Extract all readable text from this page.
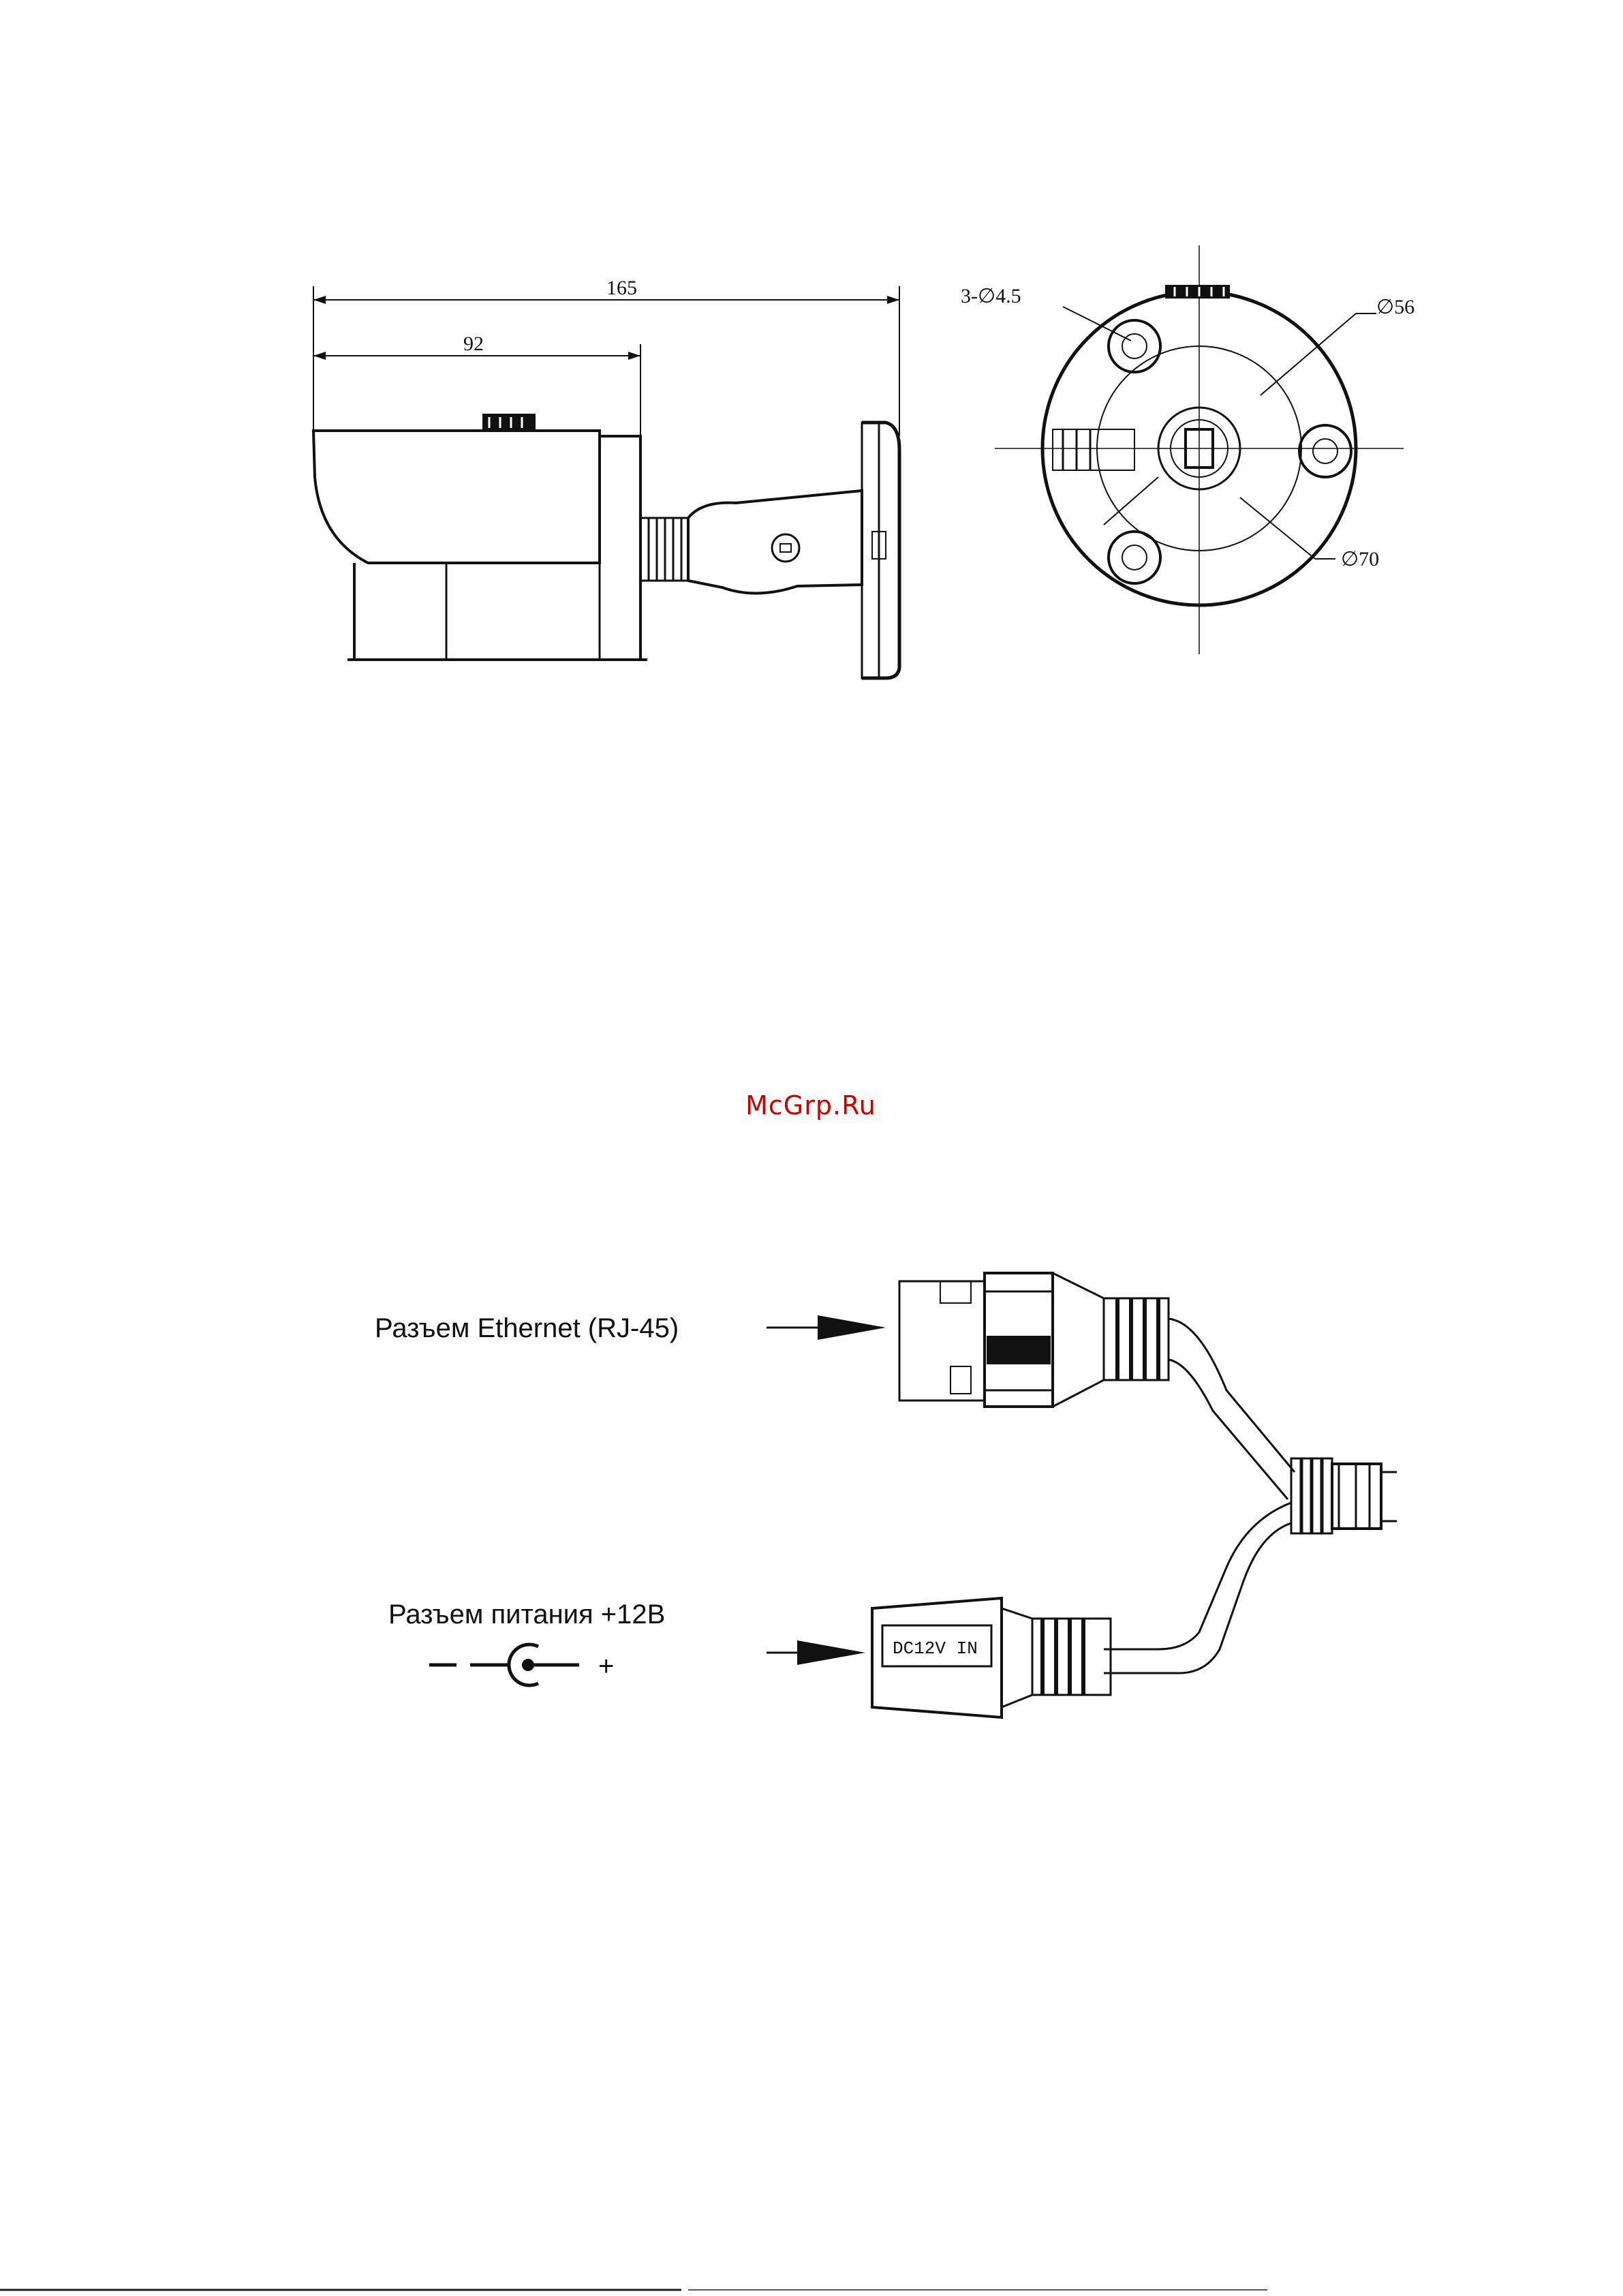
165
92
3-∅4.5	∅56
∅70
McGrp.Ru
Разъем Ethernet (RJ-45)
Разъем питания +12В
+
DC12V IN
